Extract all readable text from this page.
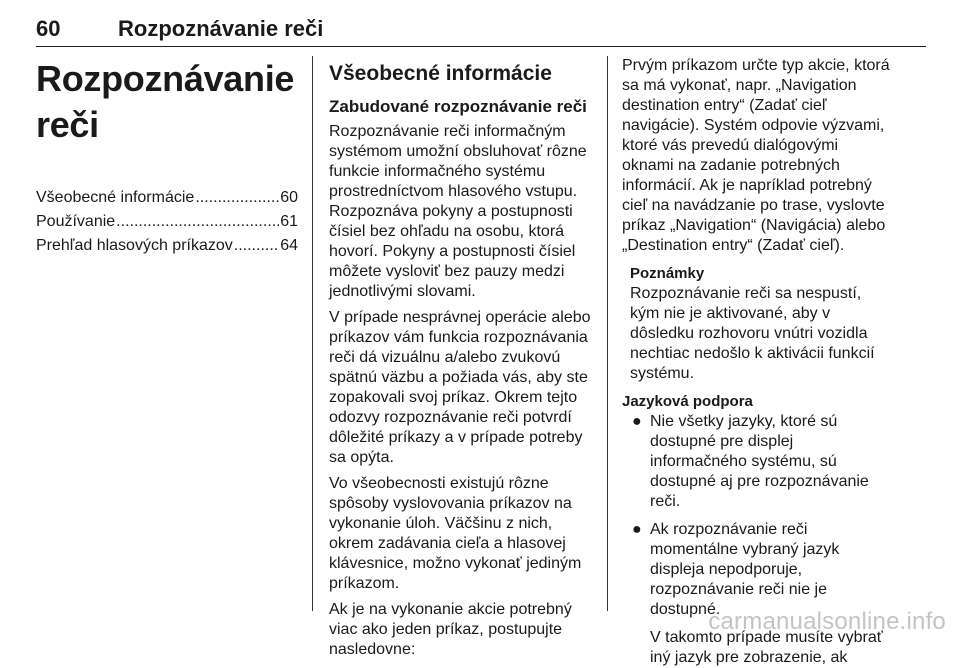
60	Rozpoznávanie reči
Rozpoznávanie reči
Všeobecné informácie .....	60
Používanie .....	61
Prehľad hlasových príkazov .....	64
Všeobecné informácie
Zabudované rozpoznávanie reči

Rozpoznávanie reči informačným systémom umožní obsluhovať rôzne funkcie informačného systému prostredníctvom hlasového vstupu. Rozpoznáva pokyny a postupnosti čísiel bez ohľadu na osobu, ktorá hovorí. Pokyny a postupnosti čísiel môžete vysloviť bez pauzy medzi jednotlivými slovami.

V prípade nesprávnej operácie alebo príkazov vám funkcia rozpoznávania reči dá vizuálnu a/alebo zvukovú spätnú väzbu a požiada vás, aby ste zopakovali svoj príkaz. Okrem tejto odozvy rozpoznávanie reči potvrdí dôležité príkazy a v prípade potreby sa opýta.

Vo všeobecnosti existujú rôzne spôsoby vyslovovania príkazov na vykonanie úloh. Väčšinu z nich, okrem zadávania cieľa a hlasovej klávesnice, možno vykonať jediným príkazom.

Ak je na vykonanie akcie potrebný viac ako jeden príkaz, postupujte nasledovne:

Prvým príkazom určte typ akcie, ktorá sa má vykonať, napr. „Navigation destination entry“ (Zadať cieľ navigácie). Systém odpovie výzvami, ktoré vás prevedú dialógovými oknami na zadanie potrebných informácií. Ak je napríklad potrebný cieľ na navádzanie po trase, vyslovte príkaz „Navigation“ (Navigácia) alebo „Destination entry“ (Zadať cieľ).

Poznámky
Rozpoznávanie reči sa nespustí, kým nie je aktivované, aby v dôsledku rozhovoru vnútri vozidla nechtiac nedošlo k aktivácii funkcií systému.
Jazyková podpora
● Nie všetky jazyky, ktoré sú dostupné pre displej informačného systému, sú dostupné aj pre rozpoznávanie reči.
● Ak rozpoznávanie reči momentálne vybraný jazyk displeja nepodporuje, rozpoznávanie reči nie je dostupné.
V takomto prípade musíte vybrať iný jazyk pre zobrazenie, ak
carmanualsonline.info
